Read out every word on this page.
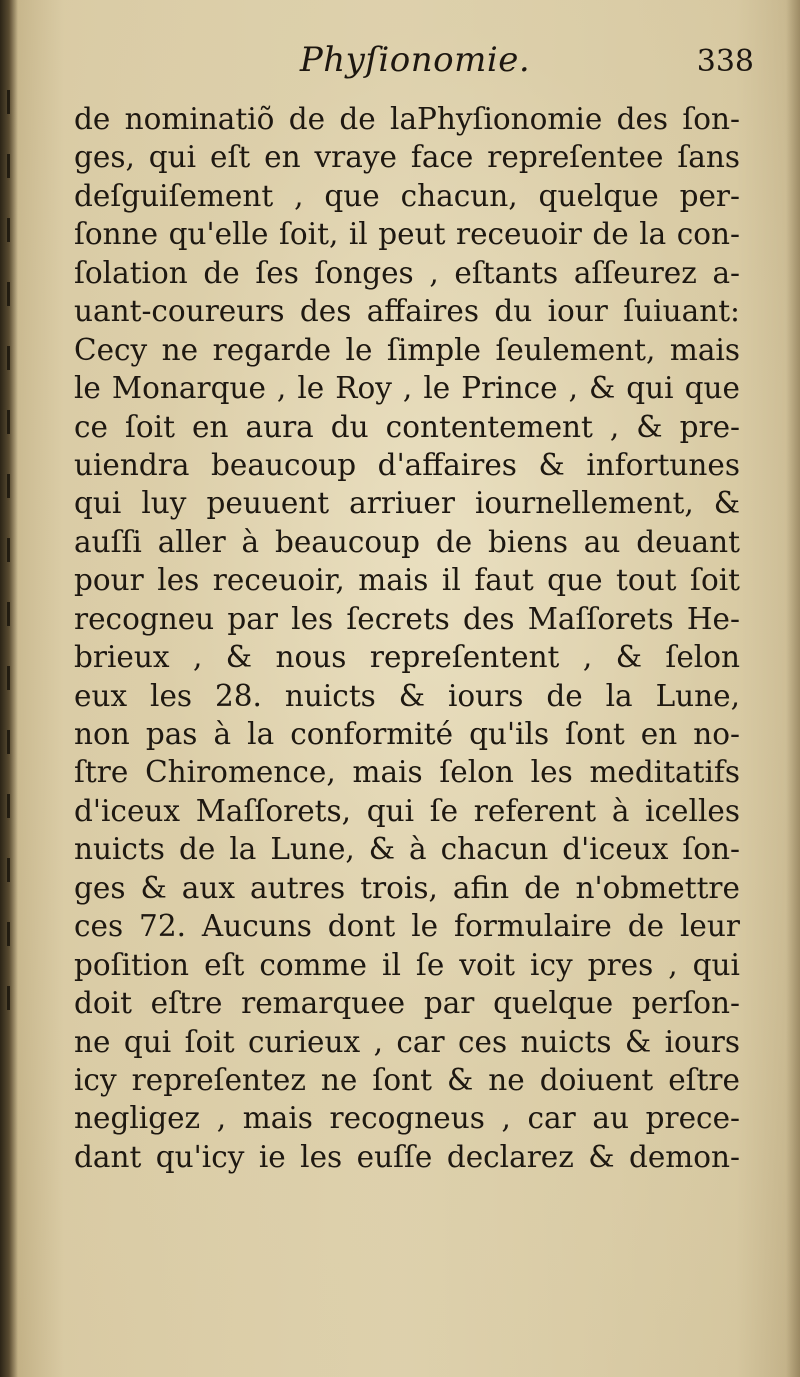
Phyſionomie.	338
de nominatiõ de de laPhyſionomie des ſon-
ges, qui eſt en vraye face repreſentee ſans
deſguiſement , que chacun, quelque per-
ſonne qu'elle ſoit, il peut receuoir de la con-
ſolation de ſes ſonges , eſtants aſſeurez a-
uant-coureurs des affaires du iour ſuiuant:
Cecy ne regarde le ſimple ſeulement, mais
le Monarque , le Roy , le Prince , & qui que
ce ſoit en aura du contentement , & pre-
uiendra beaucoup d'affaires & infortunes
qui luy peuuent arriuer iournellement, &
auſſi aller à beaucoup de biens au deuant
pour les receuoir, mais il faut que tout ſoit
recogneu par les ſecrets des Maſſorets He-
brieux , & nous repreſentent , & ſelon
eux les 28. nuicts & iours de la Lune,
non pas à la conformité qu'ils ſont en no-
ſtre Chiromence, mais ſelon les meditatifs
d'iceux Maſſorets, qui ſe referent à icelles
nuicts de la Lune, & à chacun d'iceux ſon-
ges & aux autres trois, afin de n'obmettre
ces 72. Aucuns dont le formulaire de leur
poſition eſt comme il ſe voit icy pres , qui
doit eſtre remarquee par quelque perſon-
ne qui ſoit curieux , car ces nuicts & iours
icy repreſentez ne ſont & ne doiuent eſtre
negligez , mais recogneus , car au prece-
dant qu'icy ie les euſſe declarez & demon-
